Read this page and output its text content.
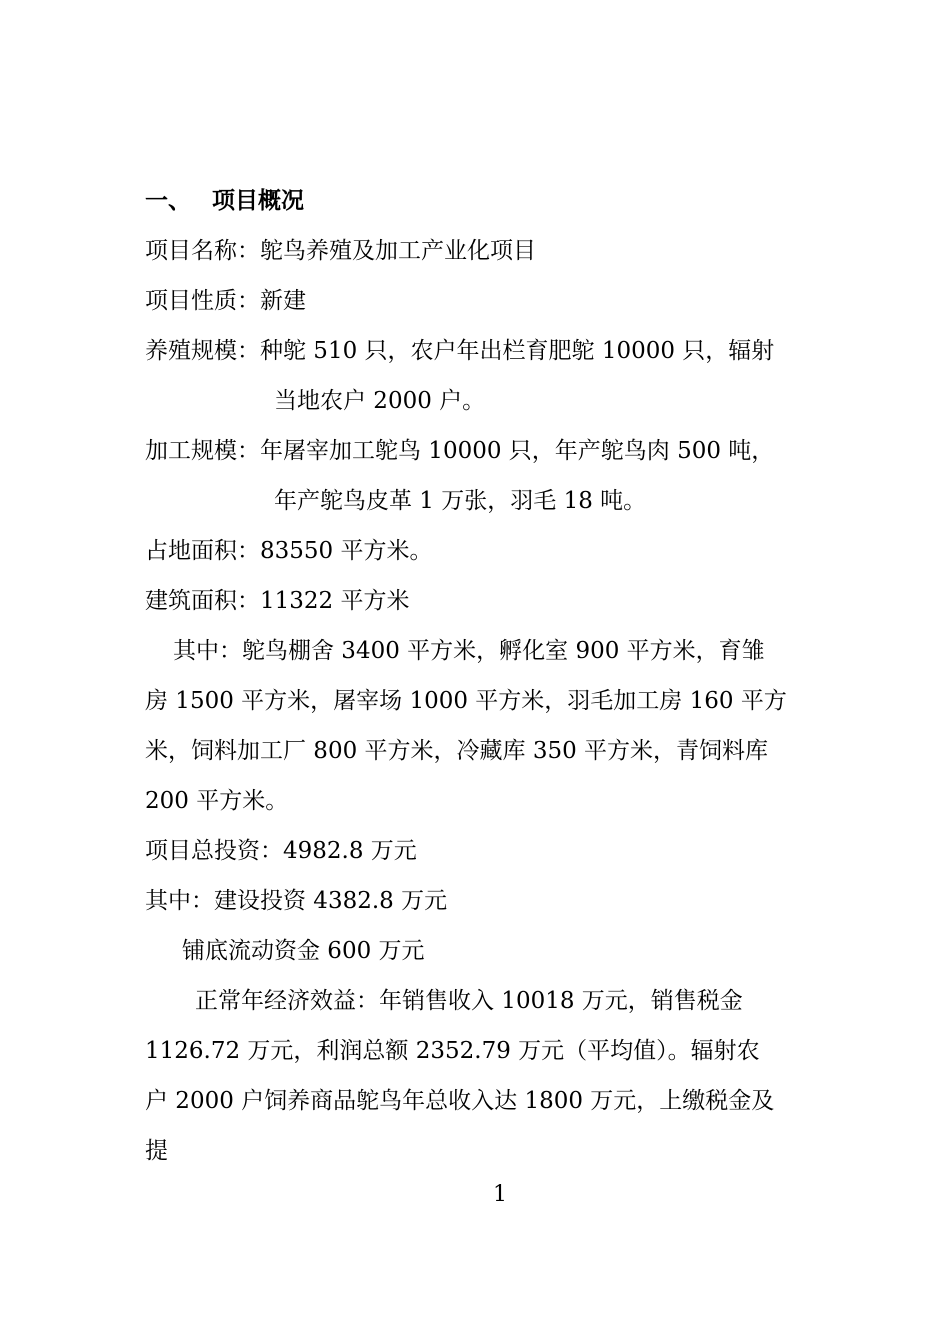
一、 项目概况
项目名称：鸵鸟养殖及加工产业化项目
项目性质：新建
养殖规模：种鸵 510 只，农户年出栏育肥鸵 10000 只，辐射
当地农户 2000 户。
加工规模：年屠宰加工鸵鸟 10000 只，年产鸵鸟肉 500 吨，
年产鸵鸟皮革 1 万张，羽毛 18 吨。
占地面积：83550 平方米。
建筑面积：11322 平方米
其中：鸵鸟棚舍 3400 平方米，孵化室 900 平方米，育雏
房 1500 平方米，屠宰场 1000 平方米，羽毛加工房 160 平方
米，饲料加工厂 800 平方米，冷藏库 350 平方米，青饲料库
200 平方米。
项目总投资：4982.8 万元
其中：建设投资 4382.8 万元
铺底流动资金 600 万元
正常年经济效益：年销售收入 10018 万元，销售税金
1126.72 万元，利润总额 2352.79 万元（平均值）。辐射农
户 2000 户饲养商品鸵鸟年总收入达 1800 万元，上缴税金及
提
1
